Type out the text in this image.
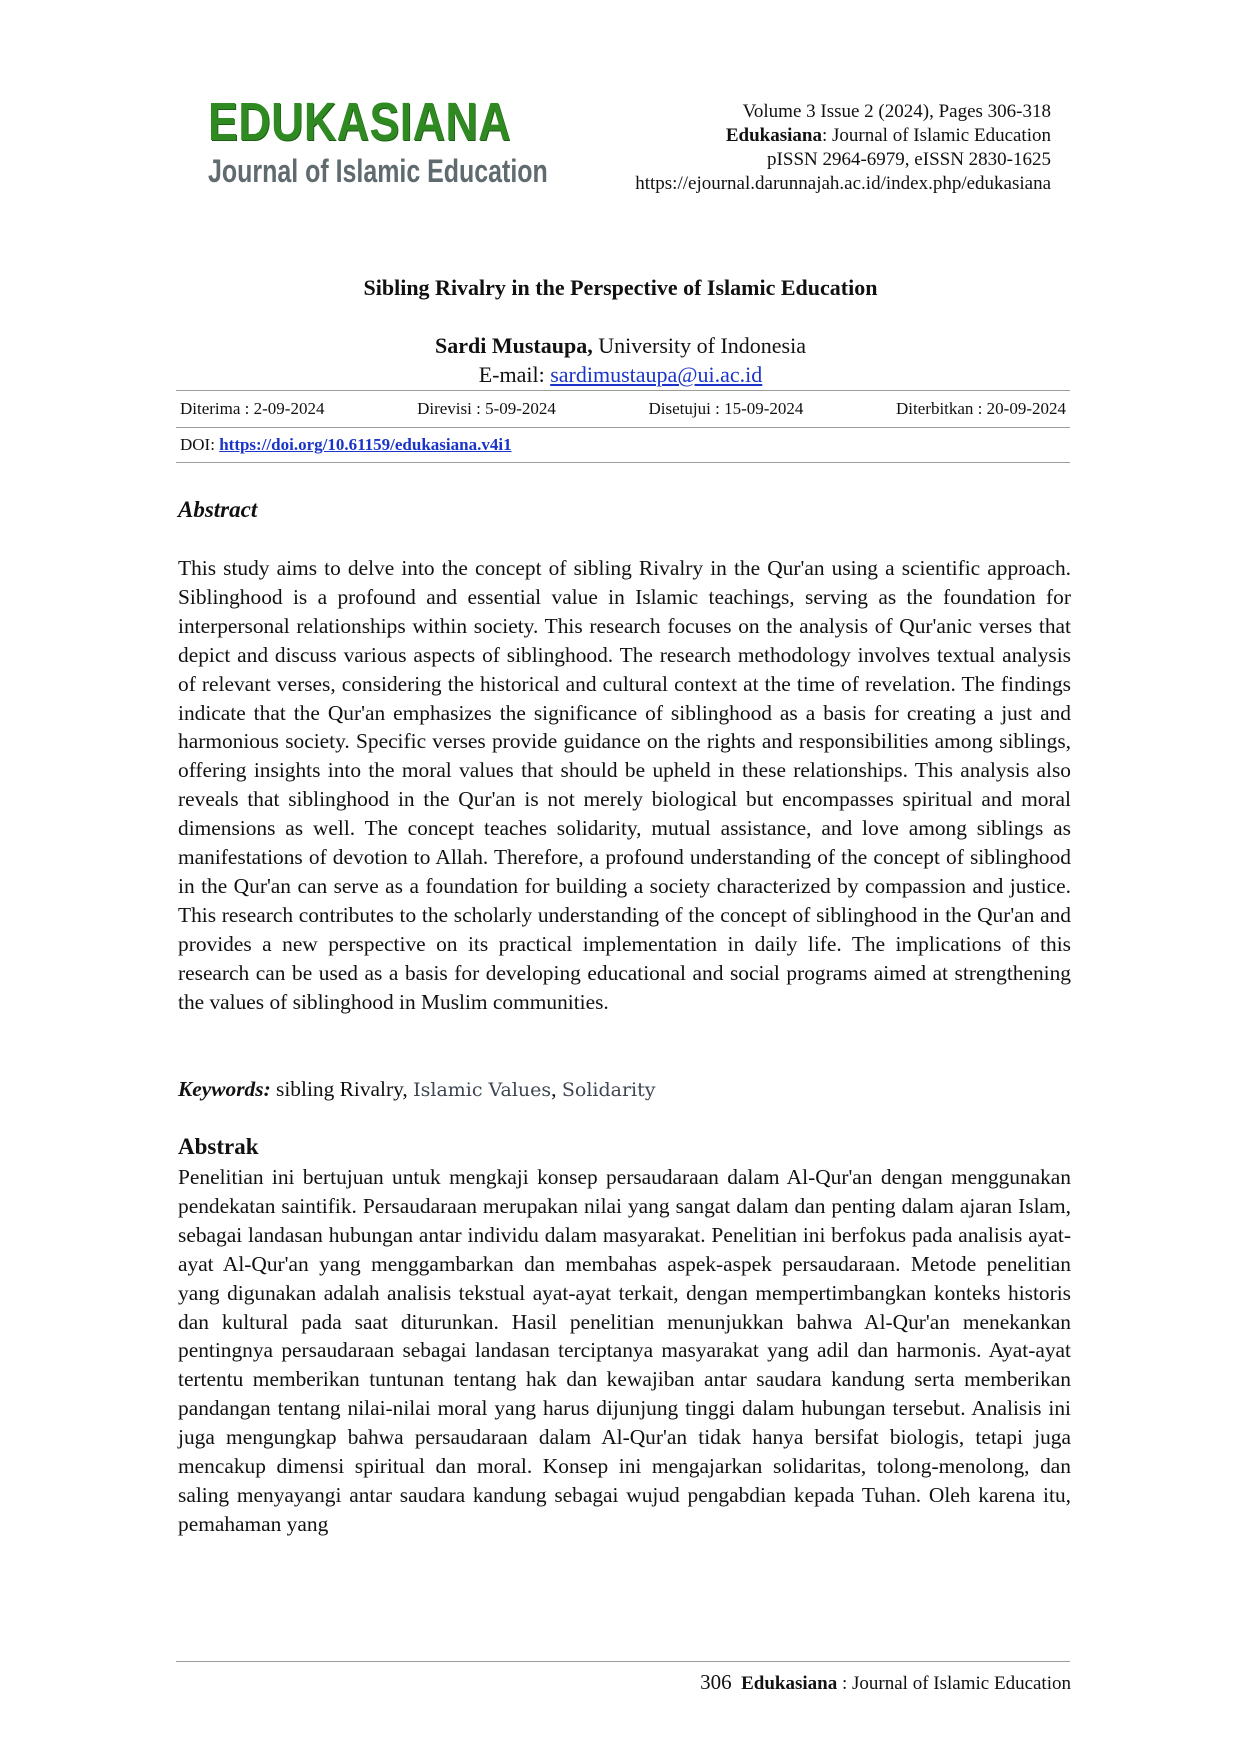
EDUKASIANA
Journal of Islamic Education
Volume 3 Issue 2 (2024), Pages 306-318
Edukasiana: Journal of Islamic Education
pISSN 2964-6979, eISSN 2830-1625
https://ejournal.darunnajah.ac.id/index.php/edukasiana
Sibling Rivalry in the Perspective of Islamic Education
Sardi Mustaupa, University of Indonesia
E-mail: sardimustaupa@ui.ac.id
Diterima : 2-09-2024	Direvisi : 5-09-2024	Disetujui : 15-09-2024	Diterbitkan : 20-09-2024
DOI: https://doi.org/10.61159/edukasiana.v4i1
Abstract
This study aims to delve into the concept of sibling Rivalry in the Qur'an using a scientific approach. Siblinghood is a profound and essential value in Islamic teachings, serving as the foundation for interpersonal relationships within society. This research focuses on the analysis of Qur'anic verses that depict and discuss various aspects of siblinghood. The research methodology involves textual analysis of relevant verses, considering the historical and cultural context at the time of revelation. The findings indicate that the Qur'an emphasizes the significance of siblinghood as a basis for creating a just and harmonious society. Specific verses provide guidance on the rights and responsibilities among siblings, offering insights into the moral values that should be upheld in these relationships. This analysis also reveals that siblinghood in the Qur'an is not merely biological but encompasses spiritual and moral dimensions as well. The concept teaches solidarity, mutual assistance, and love among siblings as manifestations of devotion to Allah. Therefore, a profound understanding of the concept of siblinghood in the Qur'an can serve as a foundation for building a society characterized by compassion and justice. This research contributes to the scholarly understanding of the concept of siblinghood in the Qur'an and provides a new perspective on its practical implementation in daily life. The implications of this research can be used as a basis for developing educational and social programs aimed at strengthening the values of siblinghood in Muslim communities.
Keywords: sibling Rivalry, Islamic Values, Solidarity
Abstrak
Penelitian ini bertujuan untuk mengkaji konsep persaudaraan dalam Al-Qur'an dengan menggunakan pendekatan saintifik. Persaudaraan merupakan nilai yang sangat dalam dan penting dalam ajaran Islam, sebagai landasan hubungan antar individu dalam masyarakat. Penelitian ini berfokus pada analisis ayat-ayat Al-Qur'an yang menggambarkan dan membahas aspek-aspek persaudaraan. Metode penelitian yang digunakan adalah analisis tekstual ayat-ayat terkait, dengan mempertimbangkan konteks historis dan kultural pada saat diturunkan. Hasil penelitian menunjukkan bahwa Al-Qur'an menekankan pentingnya persaudaraan sebagai landasan terciptanya masyarakat yang adil dan harmonis. Ayat-ayat tertentu memberikan tuntunan tentang hak dan kewajiban antar saudara kandung serta memberikan pandangan tentang nilai-nilai moral yang harus dijunjung tinggi dalam hubungan tersebut. Analisis ini juga mengungkap bahwa persaudaraan dalam Al-Qur'an tidak hanya bersifat biologis, tetapi juga mencakup dimensi spiritual dan moral. Konsep ini mengajarkan solidaritas, tolong-menolong, dan saling menyayangi antar saudara kandung sebagai wujud pengabdian kepada Tuhan. Oleh karena itu, pemahaman yang
306 Edukasiana : Journal of Islamic Education
